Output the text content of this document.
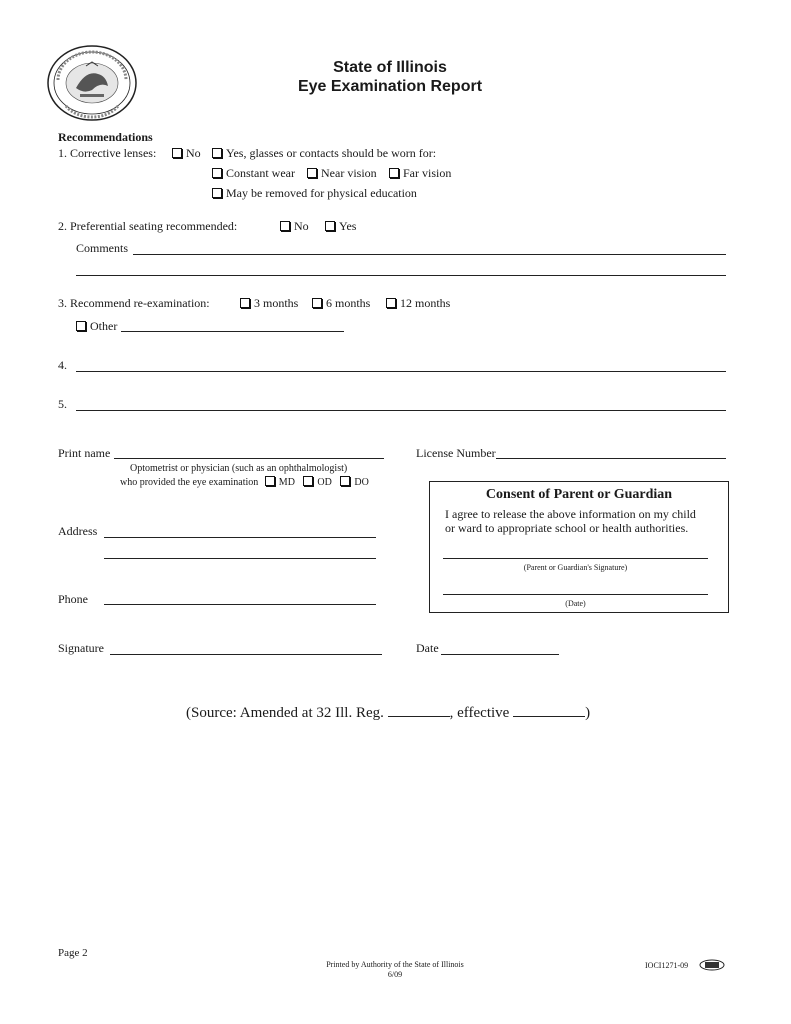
State of Illinois
Eye Examination Report
Recommendations
1. Corrective lenses:	No	Yes, glasses or contacts should be worn for:
Constant wear	Near vision	Far vision
May be removed for physical education
2. Preferential seating recommended:	No	Yes
Comments
3. Recommend re-examination:	3 months	6 months	12 months
Other
4.
5.
Print name
Optometrist or physician (such as an ophthalmologist)
who provided the eye examination MD OD DO
License Number
Address
Phone
Consent of Parent or Guardian
I agree to release the above information on my child
or ward to appropriate school or health authorities.
(Parent or Guardian's Signature)
(Date)
Signature	Date
(Source: Amended at 32 Ill. Reg.	, effective	)
Page 2
Printed by Authority of the State of Illinois
6/09
IOCI1271-09
